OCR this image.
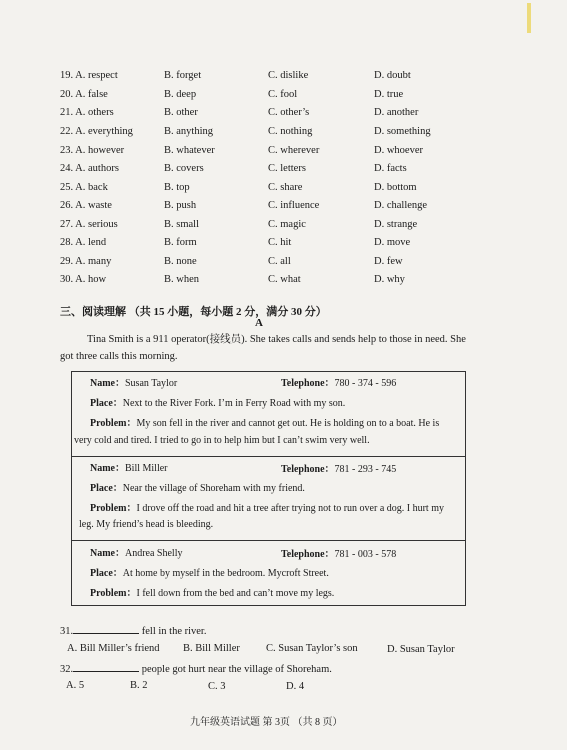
19. A. respect	B. forget	C. dislike	D. doubt
20. A. false	B. deep	C. fool	D. true
21. A. others	B. other	C. other’s	D. another
22. A. everything	B. anything	C. nothing	D. something
23. A. however	B. whatever	C. wherever	D. whoever
24. A. authors	B. covers	C. letters	D. facts
25. A. back	B. top	C. share	D. bottom
26. A. waste	B. push	C. influence	D. challenge
27. A. serious	B. small	C. magic	D. strange
28. A. lend	B. form	C. hit	D. move
29. A. many	B. none	C. all	D. few
30. A. how	B. when	C. what	D. why
三、阅读理解 （共 15 小题，每小题 2 分，满分 30 分）
A
Tina Smith is a 911 operator(接线员). She takes calls and sends help to those in need. She
got three calls this morning.
Name：Susan Taylor	Telephone：780 - 374 - 596
Place：Next to the River Fork. I’m in Ferry Road with my son.
Problem：My son fell in the river and cannot get out. He is holding on to a boat. He is
very cold and tired. I tried to go in to help him but I can’t swim very well.
Name：Bill Miller	Telephone：781 - 293 - 745
Place：Near the village of Shoreham with my friend.
Problem：I drove off the road and hit a tree after trying not to run over a dog. I hurt my
leg. My friend’s head is bleeding.
Name：Andrea Shelly	Telephone：781 - 003 - 578
Place：At home by myself in the bedroom. Mycroft Street.
Problem：I fell down from the bed and can’t move my legs.
31.	fell in the river.
A. Bill Miller’s friend B. Bill Miller C. Susan Taylor’s son	D. Susan Taylor
32.	people got hurt near the village of Shoreham.
A. 5	B. 2	C. 3	D. 4
九年级英语试题 第 3页 （共 8 页）
